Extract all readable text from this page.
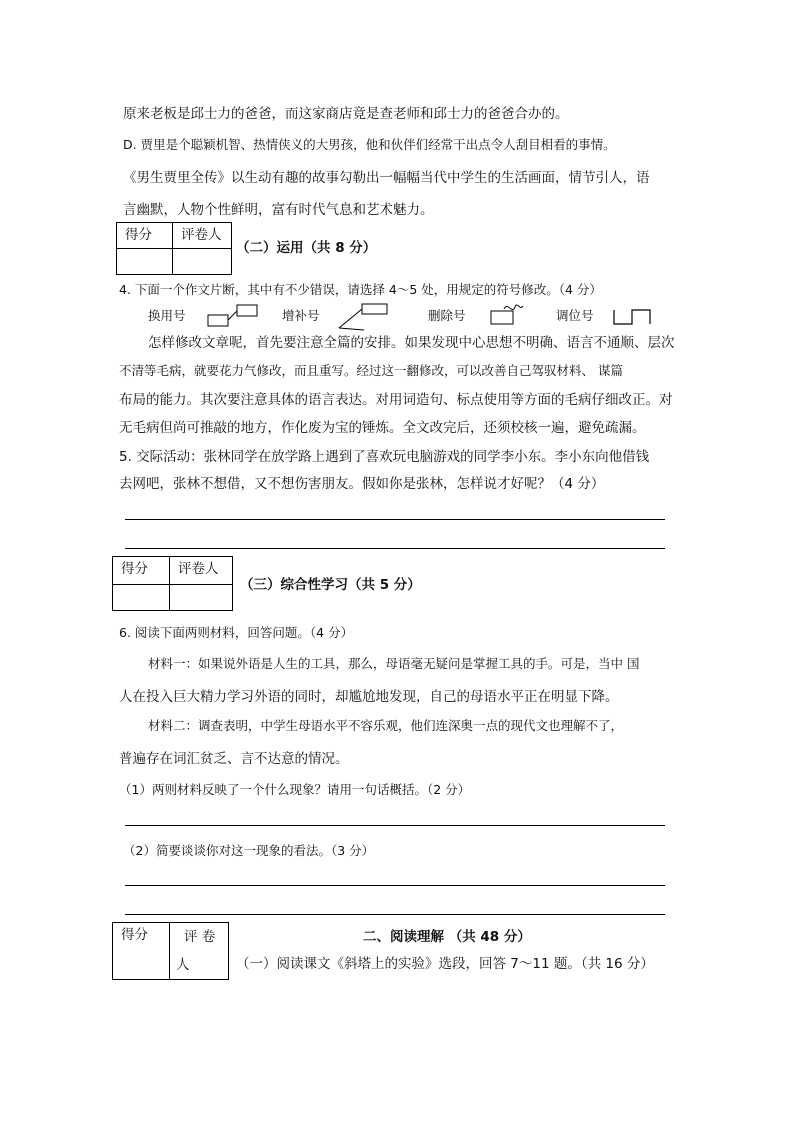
原来老板是邱士力的爸爸，而这家商店竟是查老师和邱士力的爸爸合办的。
D. 贾里是个聪颖机智、热情侠义的大男孩，他和伙伴们经常干出点令人刮目相看的事情。
《男生贾里全传》以生动有趣的故事勾勒出一幅幅当代中学生的生活画面，情节引人，语
言幽默，人物个性鲜明，富有时代气息和艺术魅力。
得分	评卷人

（二）运用（共 8 分）
4. 下面一个作文片断，其中有不少错误，请选择 4～5 处，用规定的符号修改。（4 分）
换用号	增补号	删除号	调位号
怎样修改文章呢，首先要注意全篇的安排。如果发现中心思想不明确、语言不通顺、层次
不清等毛病，就要花力气修改，而且重写。经过这一翻修改，可以改善自己驾驭材料、 谋篇
布局的能力。其次要注意具体的语言表达。对用词造句、标点使用等方面的毛病仔细改正。对
无毛病但尚可推敲的地方，作化废为宝的锤炼。全文改完后，还须校核一遍，避免疏漏。
5. 交际活动：张林同学在放学路上遇到了喜欢玩电脑游戏的同学李小东。李小东向他借钱
去网吧，张林不想借，又不想伤害朋友。假如你是张林，怎样说才好呢？（4 分）
得分	评卷人

（三）综合性学习（共 5 分）
6. 阅读下面两则材料，回答问题。（4 分）
材料一：如果说外语是人生的工具，那么，母语毫无疑问是掌握工具的手。可是，当中 国
人在投入巨大精力学习外语的同时，却尴尬地发现，自己的母语水平正在明显下降。
材料二：调查表明，中学生母语水平不容乐观，他们连深奥一点的现代文也理解不了，
普遍存在词汇贫乏、言不达意的情况。
（1）两则材料反映了一个什么现象？请用一句话概括。（2 分）
（2）简要谈谈你对这一现象的看法。（3 分）
得分	评 卷
人
二、阅读理解 （共 48 分）
（一）阅读课文《斜塔上的实验》选段，回答 7～11 题。（共 16 分）
